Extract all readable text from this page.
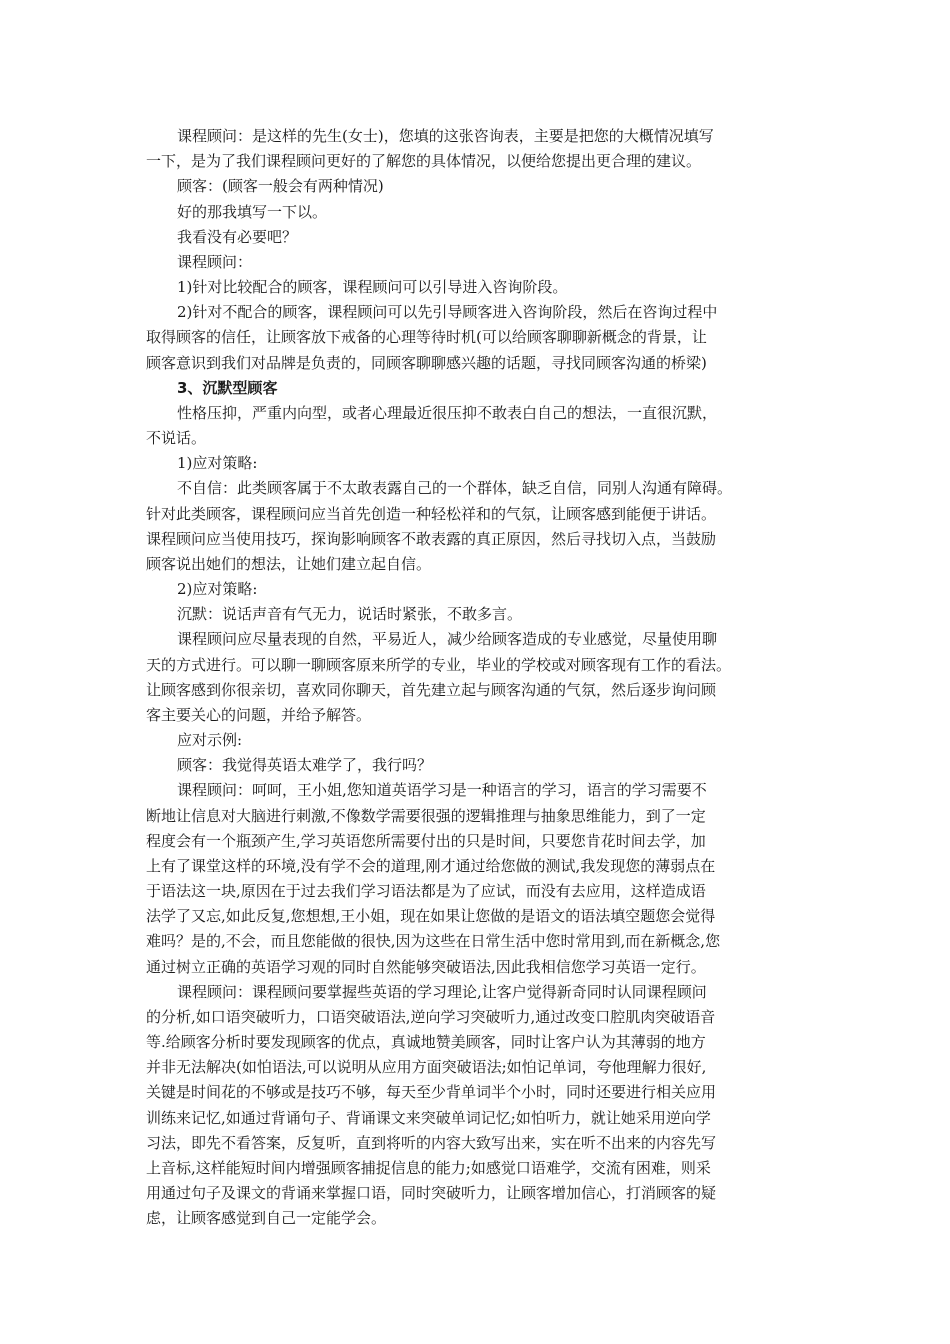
课程顾问：是这样的先生(女士)，您填的这张咨询表，主要是把您的大概情况填写
一下，是为了我们课程顾问更好的了解您的具体情况，以便给您提出更合理的建议。
顾客：(顾客一般会有两种情况)
好的那我填写一下以。
我看没有必要吧？
课程顾问：
1)针对比较配合的顾客，课程顾问可以引导进入咨询阶段。
2)针对不配合的顾客，课程顾问可以先引导顾客进入咨询阶段，然后在咨询过程中
取得顾客的信任，让顾客放下戒备的心理等待时机(可以给顾客聊聊新概念的背景，让
顾客意识到我们对品牌是负责的，同顾客聊聊感兴趣的话题，寻找同顾客沟通的桥梁)
3、沉默型顾客
性格压抑，严重内向型，或者心理最近很压抑不敢表白自己的想法，一直很沉默，
不说话。
1)应对策略:
不自信：此类顾客属于不太敢表露自己的一个群体，缺乏自信，同别人沟通有障碍。
针对此类顾客，课程顾问应当首先创造一种轻松祥和的气氛，让顾客感到能便于讲话。
课程顾问应当使用技巧，探询影响顾客不敢表露的真正原因，然后寻找切入点，当鼓励
顾客说出她们的想法，让她们建立起自信。
2)应对策略:
沉默：说话声音有气无力，说话时紧张，不敢多言。
课程顾问应尽量表现的自然，平易近人，减少给顾客造成的专业感觉，尽量使用聊
天的方式进行。可以聊一聊顾客原来所学的专业，毕业的学校或对顾客现有工作的看法。
让顾客感到你很亲切，喜欢同你聊天，首先建立起与顾客沟通的气氛，然后逐步询问顾
客主要关心的问题，并给予解答。
应对示例:
顾客：我觉得英语太难学了，我行吗？
课程顾问：呵呵，王小姐,您知道英语学习是一种语言的学习，语言的学习需要不
断地让信息对大脑进行刺激,不像数学需要很强的逻辑推理与抽象思维能力，到了一定
程度会有一个瓶颈产生,学习英语您所需要付出的只是时间，只要您肯花时间去学，加
上有了课堂这样的环境,没有学不会的道理,刚才通过给您做的测试,我发现您的薄弱点在
于语法这一块,原因在于过去我们学习语法都是为了应试，而没有去应用，这样造成语
法学了又忘,如此反复,您想想,王小姐，现在如果让您做的是语文的语法填空题您会觉得
难吗？是的,不会，而且您能做的很快,因为这些在日常生活中您时常用到,而在新概念,您
通过树立正确的英语学习观的同时自然能够突破语法,因此我相信您学习英语一定行。
课程顾问：课程顾问要掌握些英语的学习理论,让客户觉得新奇同时认同课程顾问
的分析,如口语突破听力，口语突破语法,逆向学习突破听力,通过改变口腔肌肉突破语音
等.给顾客分析时要发现顾客的优点，真诚地赞美顾客，同时让客户认为其薄弱的地方
并非无法解决(如怕语法,可以说明从应用方面突破语法;如怕记单词，夸他理解力很好,
关键是时间花的不够或是技巧不够，每天至少背单词半个小时，同时还要进行相关应用
训练来记忆,如通过背诵句子、背诵课文来突破单词记忆;如怕听力，就让她采用逆向学
习法，即先不看答案，反复听，直到将听的内容大致写出来，实在听不出来的内容先写
上音标,这样能短时间内增强顾客捕捉信息的能力;如感觉口语难学，交流有困难，则采
用通过句子及课文的背诵来掌握口语，同时突破听力，让顾客增加信心，打消顾客的疑
虑，让顾客感觉到自己一定能学会。
